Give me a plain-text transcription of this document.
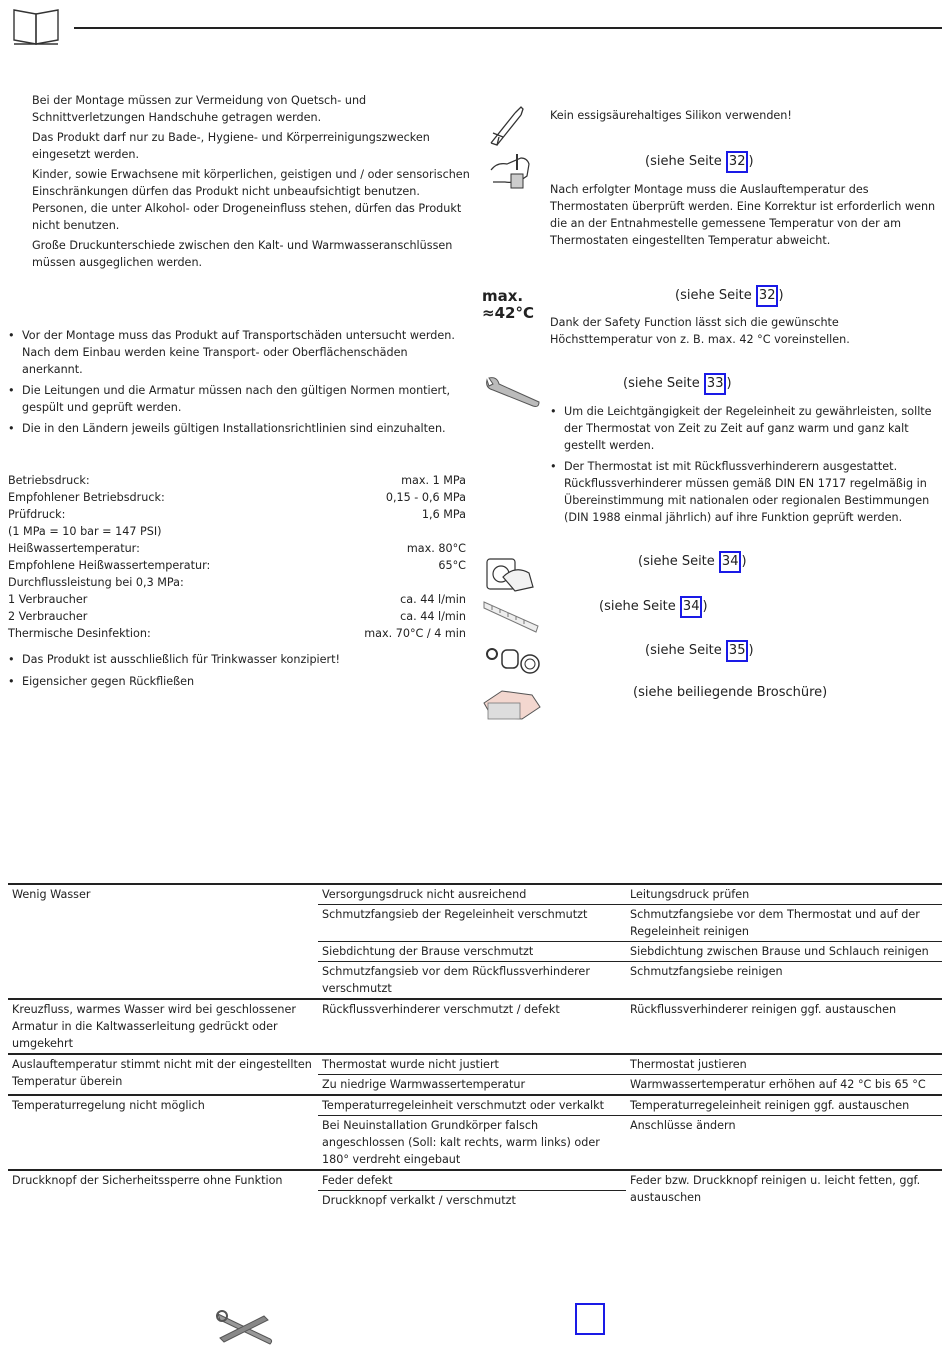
Bei der Montage müssen zur Vermeidung von Quetsch- und Schnittverletzungen Handschuhe getragen werden.

Das Produkt darf nur zu Bade-, Hygiene- und Körperreinigungszwecken eingesetzt werden.

Kinder, sowie Erwachsene mit körperlichen, geistigen und / oder sensorischen Einschränkungen dürfen das Produkt nicht unbeaufsichtigt benutzen. Personen, die unter Alkohol- oder Drogeneinfluss stehen, dürfen das Produkt nicht benutzen.

Große Druckunterschiede zwischen den Kalt- und Warmwasseranschlüssen müssen ausgeglichen werden.

• Vor der Montage muss das Produkt auf Transportschäden untersucht werden. Nach dem Einbau werden keine Transport- oder Oberflächenschäden anerkannt.
• Die Leitungen und die Armatur müssen nach den gültigen Normen montiert, gespült und geprüft werden.
• Die in den Ländern jeweils gültigen Installationsrichtlinien sind einzuhalten.
Betriebsdruck:	max. 1 MPa
Empfohlener Betriebsdruck:	0,15 - 0,6 MPa
Prüfdruck:	1,6 MPa
(1 MPa = 10 bar = 147 PSI)
Heißwassertemperatur:	max. 80°C
Empfohlene Heißwassertemperatur:	65°C
Durchflussleistung bei 0,3 MPa:
1 Verbraucher	ca. 44 l/min
2 Verbraucher	ca. 44 l/min
Thermische Desinfektion:	max. 70°C / 4 min
• Das Produkt ist ausschließlich für Trinkwasser konzipiert!
• Eigensicher gegen Rückfließen
max.
≈42°C
Kein essigsäurehaltiges Silikon verwenden!
(siehe Seite 32 )
Nach erfolgter Montage muss die Auslauftemperatur des Thermostaten überprüft werden. Eine Korrektur ist erforderlich wenn die an der Entnahmestelle gemessene Temperatur von der am Thermostaten eingestellten Temperatur abweicht.
(siehe Seite 32 )
Dank der Safety Function lässt sich die gewünschte Höchsttemperatur von z. B. max. 42 °C voreinstellen.
(siehe Seite 33 )
• Um die Leichtgängigkeit der Regeleinheit zu gewährleisten, sollte der Thermostat von Zeit zu Zeit auf ganz warm und ganz kalt gestellt werden.
• Der Thermostat ist mit Rückflussverhinderern ausgestattet. Rückflussverhinderer müssen gemäß DIN EN 1717 regelmäßig in Übereinstimmung mit nationalen oder regionalen Bestimmungen (DIN 1988 einmal jährlich) auf ihre Funktion geprüft werden.
(siehe Seite 34 )
(siehe Seite 34 )
(siehe Seite 35 )
(siehe beiliegende Broschüre)
Wenig Wasser	Versorgungsdruck nicht ausreichend	Leitungsdruck prüfen
	Schmutzfangsieb der Regeleinheit verschmutzt	Schmutzfangsiebe vor dem Thermostat und auf der Regeleinheit reinigen
	Siebdichtung der Brause verschmutzt	Siebdichtung zwischen Brause und Schlauch reinigen
	Schmutzfangsieb vor dem Rückflussverhinderer verschmutzt	Schmutzfangsiebe reinigen
Kreuzfluss, warmes Wasser wird bei geschlossener Armatur in die Kaltwasserleitung gedrückt oder umgekehrt	Rückflussverhinderer verschmutzt / defekt	Rückflussverhinderer reinigen ggf. austauschen
Auslauftemperatur stimmt nicht mit der eingestellten Temperatur überein	Thermostat wurde nicht justiert	Thermostat justieren
	Zu niedrige Warmwassertemperatur	Warmwassertemperatur erhöhen auf 42 °C bis 65 °C
Temperaturregelung nicht möglich	Temperaturregeleinheit verschmutzt oder verkalkt	Temperaturregeleinheit reinigen ggf. austauschen
	Bei Neuinstallation Grundkörper falsch angeschlossen (Soll: kalt rechts, warm links) oder 180° verdreht eingebaut	Anschlüsse ändern
Druckknopf der Sicherheitssperre ohne Funktion	Feder defekt	Feder bzw. Druckknopf reinigen u. leicht fetten, ggf. austauschen
	Druckknopf verkalkt / verschmutzt	
